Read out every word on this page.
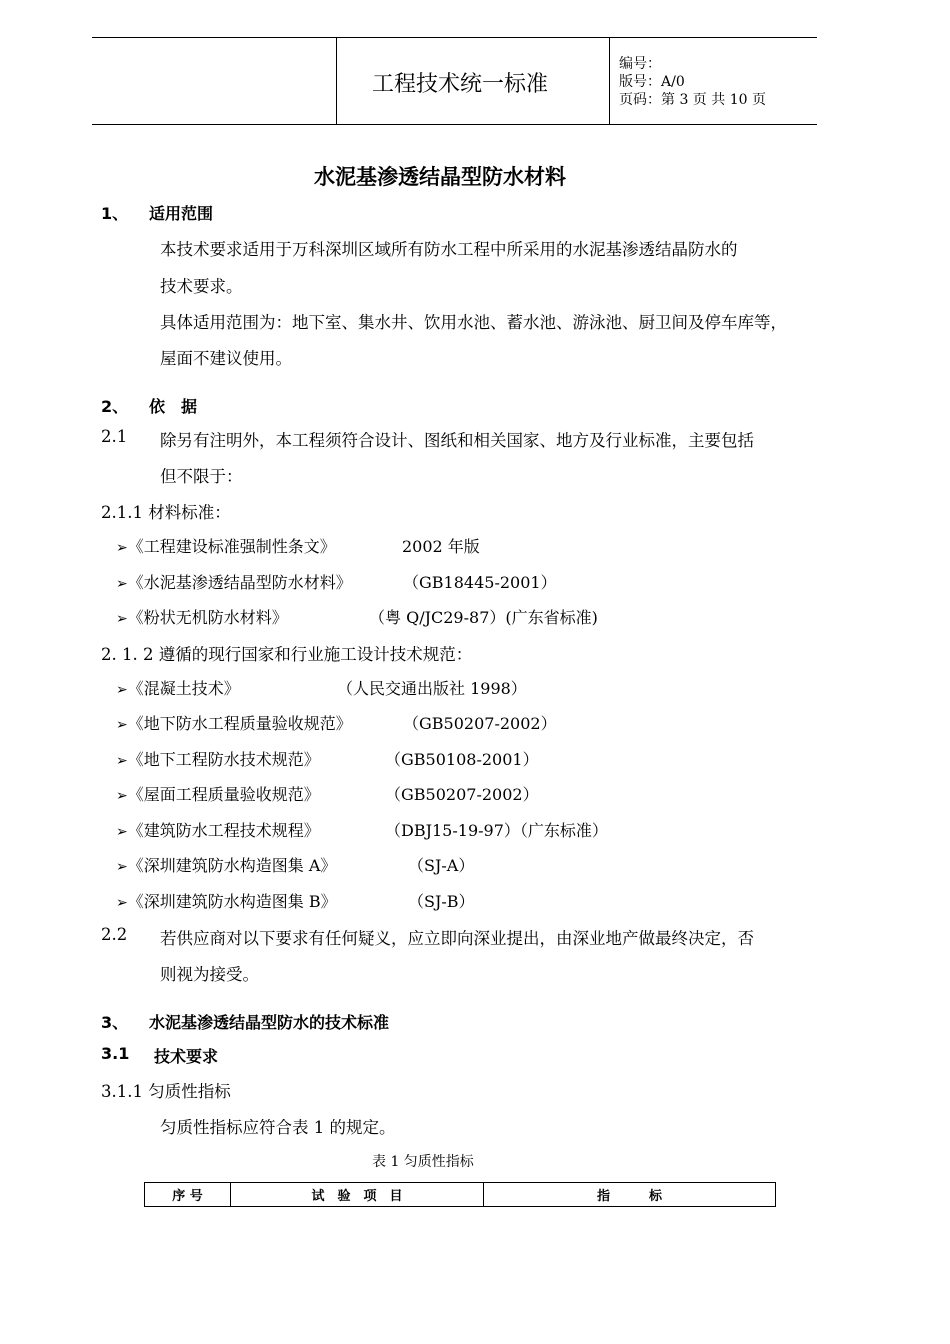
工程技术统一标准
编号：
版号：A/0
页码：第 3 页 共 10 页
水泥基渗透结晶型防水材料
1、 适用范围
本技术要求适用于万科深圳区域所有防水工程中所采用的水泥基渗透结晶防水的
技术要求。
具体适用范围为：地下室、集水井、饮用水池、蓄水池、游泳池、厨卫间及停车库等，
屋面不建议使用。
2、 依　据
2.1 除另有注明外，本工程须符合设计、图纸和相关国家、地方及行业标准，主要包括
但不限于：
2.1.1 材料标准：
➢《工程建设标准强制性条文》	2002 年版
➢《水泥基渗透结晶型防水材料》	（GB18445-2001）
➢《粉状无机防水材料》	（粤 Q/JC29-87）(广东省标准)
2. 1. 2 遵循的现行国家和行业施工设计技术规范：
➢《混凝土技术》	（人民交通出版社 1998）
➢《地下防水工程质量验收规范》	（GB50207-2002）
➢《地下工程防水技术规范》	（GB50108-2001）
➢《屋面工程质量验收规范》	（GB50207-2002）
➢《建筑防水工程技术规程》	（DBJ15-19-97）（广东标准）
➢《深圳建筑防水构造图集 A》	（SJ-A）
➢《深圳建筑防水构造图集 B》	（SJ-B）
2.2 若供应商对以下要求有任何疑义，应立即向深业提出，由深业地产做最终决定，否
则视为接受。
3、 水泥基渗透结晶型防水的技术标准
3.1 技术要求
3.1.1 匀质性指标
匀质性指标应符合表 1 的规定。
表 1 匀质性指标
序 号	试　验　项　目	指　　　标
